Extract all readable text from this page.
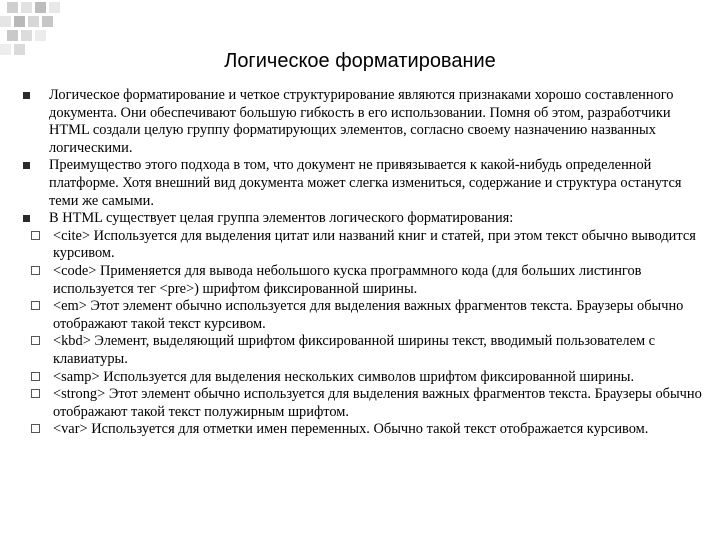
Логическое форматирование
Логическое форматирование и четкое структурирование являются признаками хорошо составленного документа. Они обеспечивают большую гибкость в его использовании. Помня об этом, разработчики HTML создали целую группу форматирующих элементов, согласно своему назначению названных логическими.
Преимущество этого подхода в том, что документ не привязывается к какой-нибудь определенной платформе. Хотя внешний вид документа может слегка измениться, содержание и структура останутся теми же самыми.
В HTML существует целая группа элементов логического форматирования:
<cite> Используется для выделения цитат или названий книг и статей, при этом текст обычно выводится курсивом.
<code> Применяется для вывода небольшого куска программного кода (для больших листингов используется тег <pre>) шрифтом фиксированной ширины.
<em> Этот элемент обычно используется для выделения важных фрагментов текста. Браузеры обычно отображают такой текст курсивом.
<kbd> Элемент, выделяющий шрифтом фиксированной ширины текст, вводимый пользователем с клавиатуры.
<samp> Используется для выделения нескольких символов шрифтом фиксированной ширины.
<strong> Этот элемент обычно используется для выделения важных фрагментов текста. Браузеры обычно отображают такой текст полужирным шрифтом.
<var> Используется для отметки имен переменных. Обычно такой текст отображается курсивом.
